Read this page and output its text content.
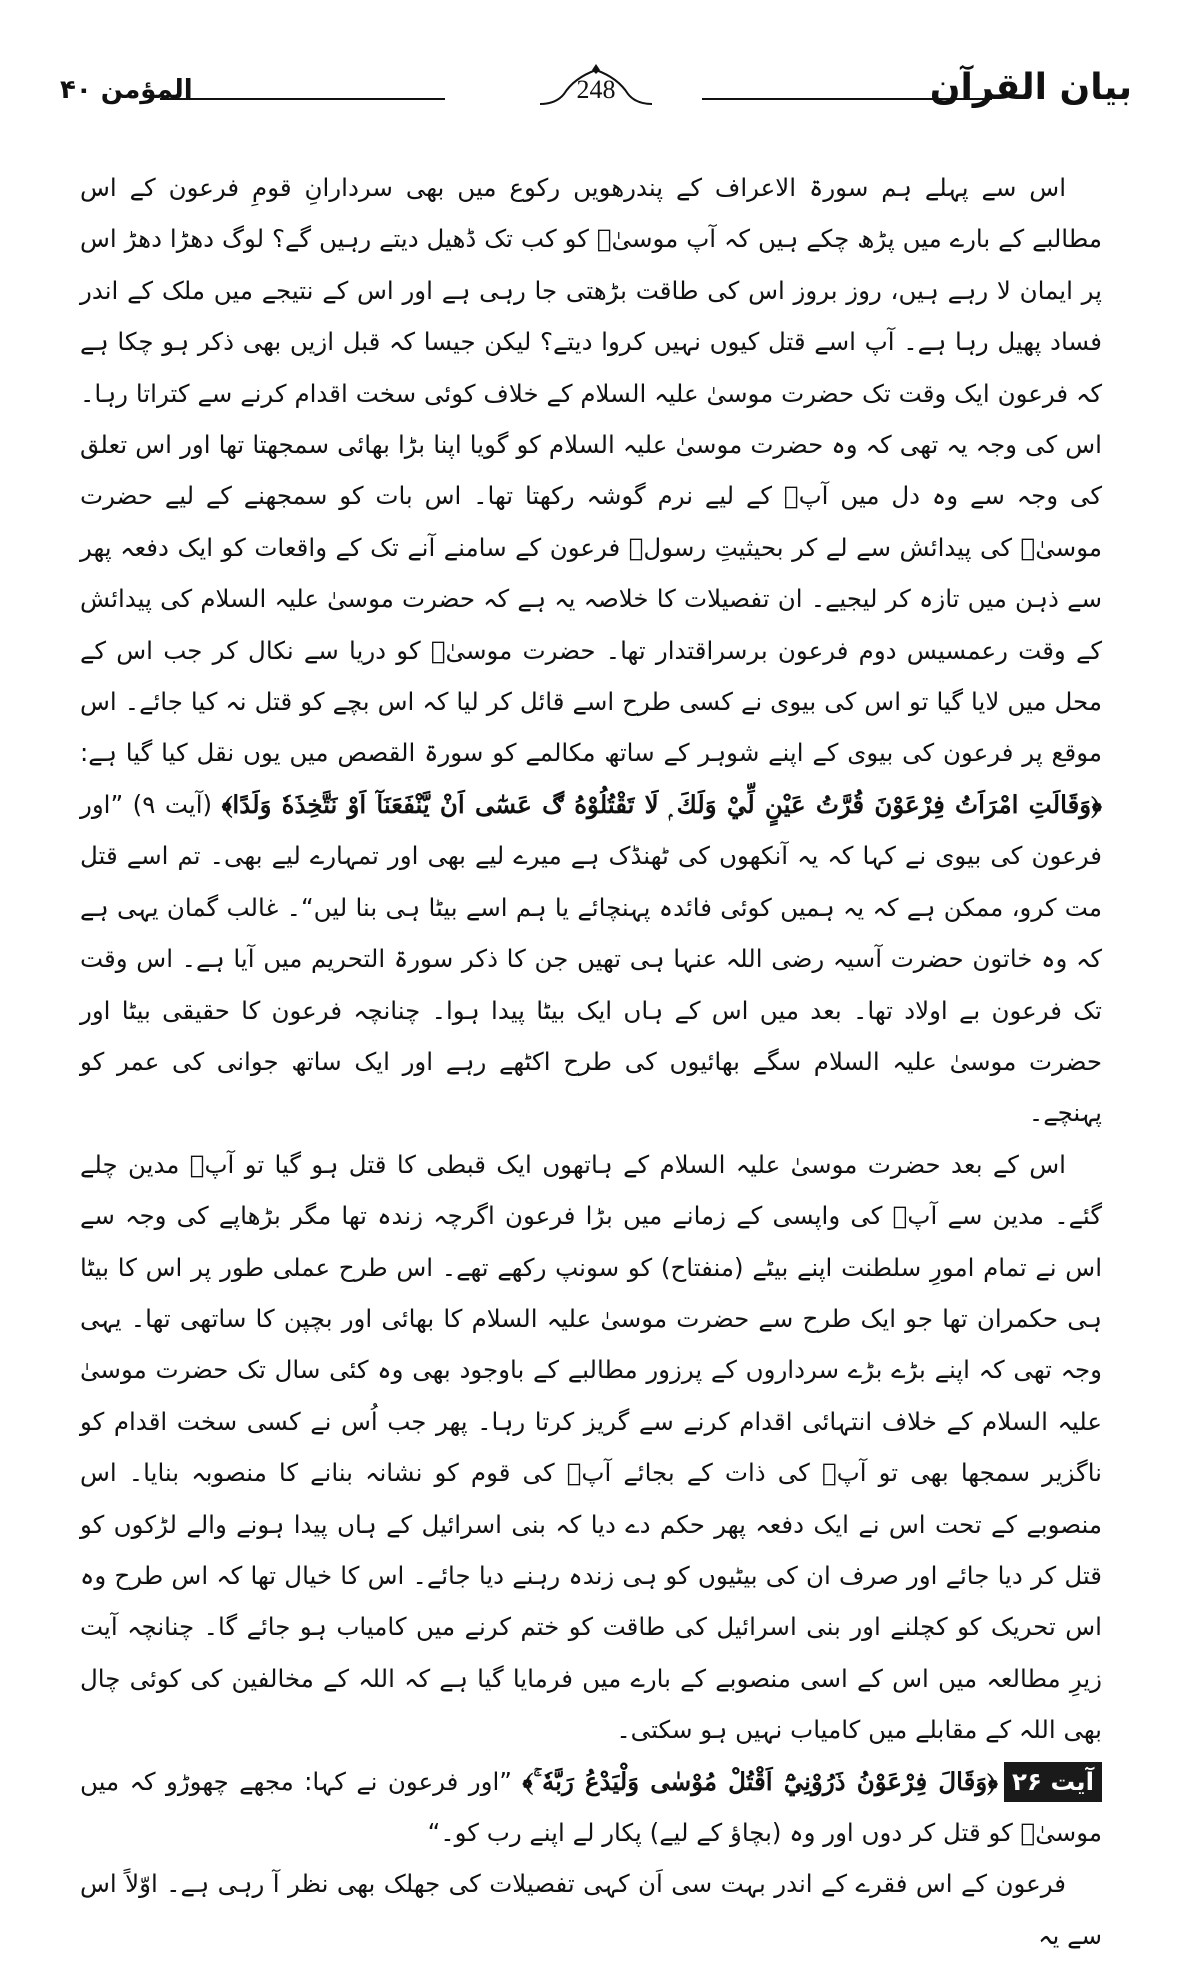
بیان القرآن
248
المؤمن ۴۰

اس سے پہلے ہم سورۃ الاعراف کے پندرھویں رکوع میں بھی سردارانِ قومِ فرعون کے اس مطالبے کے بارے میں پڑھ چکے ہیں کہ آپ موسیٰؑ کو کب تک ڈھیل دیتے رہیں گے؟ لوگ دھڑا دھڑ اس پر ایمان لا رہے ہیں، روز بروز اس کی طاقت بڑھتی جا رہی ہے اور اس کے نتیجے میں ملک کے اندر فساد پھیل رہا ہے۔ آپ اسے قتل کیوں نہیں کروا دیتے؟ لیکن جیسا کہ قبل ازیں بھی ذکر ہو چکا ہے کہ فرعون ایک وقت تک حضرت موسیٰ علیہ السلام کے خلاف کوئی سخت اقدام کرنے سے کتراتا رہا۔ اس کی وجہ یہ تھی کہ وہ حضرت موسیٰ علیہ السلام کو گویا اپنا بڑا بھائی سمجھتا تھا اور اس تعلق کی وجہ سے وہ دل میں آپؑ کے لیے نرم گوشہ رکھتا تھا۔ اس بات کو سمجھنے کے لیے حضرت موسیٰؑ کی پیدائش سے لے کر بحیثیتِ رسولؑ فرعون کے سامنے آنے تک کے واقعات کو ایک دفعہ پھر سے ذہن میں تازہ کر لیجیے۔ ان تفصیلات کا خلاصہ یہ ہے کہ حضرت موسیٰ علیہ السلام کی پیدائش کے وقت رعمسیس دوم فرعون برسراقتدار تھا۔ حضرت موسیٰؑ کو دریا سے نکال کر جب اس کے محل میں لایا گیا تو اس کی بیوی نے کسی طرح اسے قائل کر لیا کہ اس بچے کو قتل نہ کیا جائے۔ اس موقع پر فرعون کی بیوی کے اپنے شوہر کے ساتھ مکالمے کو سورۃ القصص میں یوں نقل کیا گیا ہے: ﴿وَقَالَتِ امْرَاَتُ فِرْعَوْنَ قُرَّتُ عَيْنٍ لِّيْ وَلَكَ ۭ لَا تَقْتُلُوْهُ ڰ عَسٰٓى اَنْ يَّنْفَعَنَآ اَوْ نَتَّخِذَهٗ وَلَدًا﴾ (آیت ۹) ”اور فرعون کی بیوی نے کہا کہ یہ آنکھوں کی ٹھنڈک ہے میرے لیے بھی اور تمہارے لیے بھی۔ تم اسے قتل مت کرو، ممکن ہے کہ یہ ہمیں کوئی فائدہ پہنچائے یا ہم اسے بیٹا ہی بنا لیں“۔ غالب گمان یہی ہے کہ وہ خاتون حضرت آسیہ رضی اللہ عنہا ہی تھیں جن کا ذکر سورۃ التحریم میں آیا ہے۔ اس وقت تک فرعون بے اولاد تھا۔ بعد میں اس کے ہاں ایک بیٹا پیدا ہوا۔ چنانچہ فرعون کا حقیقی بیٹا اور حضرت موسیٰ علیہ السلام سگے بھائیوں کی طرح اکٹھے رہے اور ایک ساتھ جوانی کی عمر کو پہنچے۔

اس کے بعد حضرت موسیٰ علیہ السلام کے ہاتھوں ایک قبطی کا قتل ہو گیا تو آپؑ مدین چلے گئے۔ مدین سے آپؑ کی واپسی کے زمانے میں بڑا فرعون اگرچہ زندہ تھا مگر بڑھاپے کی وجہ سے اس نے تمام امورِ سلطنت اپنے بیٹے (منفتاح) کو سونپ رکھے تھے۔ اس طرح عملی طور پر اس کا بیٹا ہی حکمران تھا جو ایک طرح سے حضرت موسیٰ علیہ السلام کا بھائی اور بچپن کا ساتھی تھا۔ یہی وجہ تھی کہ اپنے بڑے بڑے سرداروں کے پرزور مطالبے کے باوجود بھی وہ کئی سال تک حضرت موسیٰ علیہ السلام کے خلاف انتہائی اقدام کرنے سے گریز کرتا رہا۔ پھر جب اُس نے کسی سخت اقدام کو ناگزیر سمجھا بھی تو آپؑ کی ذات کے بجائے آپؑ کی قوم کو نشانہ بنانے کا منصوبہ بنایا۔ اس منصوبے کے تحت اس نے ایک دفعہ پھر حکم دے دیا کہ بنی اسرائیل کے ہاں پیدا ہونے والے لڑکوں کو قتل کر دیا جائے اور صرف ان کی بیٹیوں کو ہی زندہ رہنے دیا جائے۔ اس کا خیال تھا کہ اس طرح وہ اس تحریک کو کچلنے اور بنی اسرائیل کی طاقت کو ختم کرنے میں کامیاب ہو جائے گا۔ چنانچہ آیت زیرِ مطالعہ میں اس کے اسی منصوبے کے بارے میں فرمایا گیا ہے کہ اللہ کے مخالفین کی کوئی چال بھی اللہ کے مقابلے میں کامیاب نہیں ہو سکتی۔

آیت ۲۶﴿وَقَالَ فِرْعَوْنُ ذَرُوْنِيْٓ اَقْتُلْ مُوْسٰى وَلْيَدْعُ رَبَّهٗ ۚ﴾ ”اور فرعون نے کہا: مجھے چھوڑو کہ میں موسیٰؑ کو قتل کر دوں اور وہ (بچاؤ کے لیے) پکار لے اپنے رب کو۔“

فرعون کے اس فقرے کے اندر بہت سی اَن کہی تفصیلات کی جھلک بھی نظر آ رہی ہے۔ اوّلاً اس سے یہ
